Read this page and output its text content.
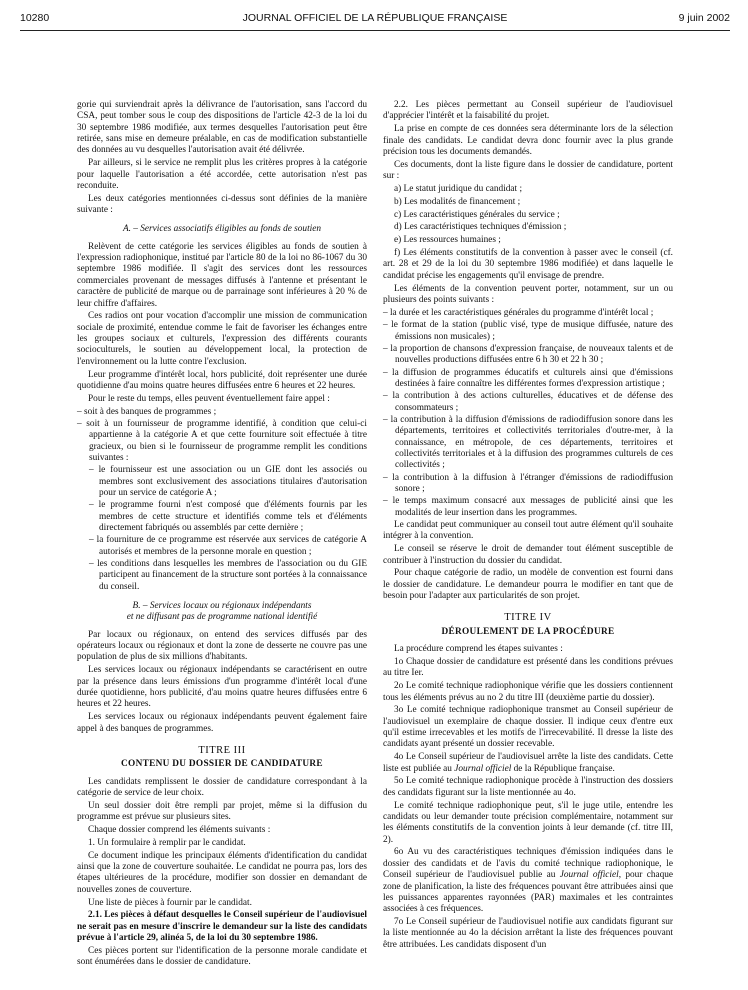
10280	JOURNAL OFFICIEL DE LA RÉPUBLIQUE FRANÇAISE	9 juin 2002

gorie qui surviendrait après la délivrance de l'autorisation, sans l'accord du CSA, peut tomber sous le coup des dispositions de l'article 42-3 de la loi du 30 septembre 1986 modifiée, aux termes desquelles l'autorisation peut être retirée, sans mise en demeure préalable, en cas de modification substantielle des données au vu desquelles l'autorisation avait été délivrée.

Par ailleurs, si le service ne remplit plus les critères propres à la catégorie pour laquelle l'autorisation a été accordée, cette autorisation n'est pas reconduite.

Les deux catégories mentionnées ci-dessus sont définies de la manière suivante :

A. – Services associatifs éligibles au fonds de soutien

Relèvent de cette catégorie les services éligibles au fonds de soutien à l'expression radiophonique, institué par l'article 80 de la loi no 86-1067 du 30 septembre 1986 modifiée. Il s'agit des services dont les ressources commerciales provenant de messages diffusés à l'antenne et présentant le caractère de publicité de marque ou de parrainage sont inférieures à 20 % de leur chiffre d'affaires.

Ces radios ont pour vocation d'accomplir une mission de communication sociale de proximité, entendue comme le fait de favoriser les échanges entre les groupes sociaux et culturels, l'expression des différents courants socioculturels, le soutien au développement local, la protection de l'environnement ou la lutte contre l'exclusion.

Leur programme d'intérêt local, hors publicité, doit représenter une durée quotidienne d'au moins quatre heures diffusées entre 6 heures et 22 heures.

Pour le reste du temps, elles peuvent éventuellement faire appel :

– soit à des banques de programmes ;

– soit à un fournisseur de programme identifié, à condition que celui-ci appartienne à la catégorie A et que cette fourniture soit effectuée à titre gracieux, ou bien si le fournisseur de programme remplit les conditions suivantes :

– le fournisseur est une association ou un GIE dont les associés ou membres sont exclusivement des associations titulaires d'autorisation pour un service de catégorie A ;

– le programme fourni n'est composé que d'éléments fournis par les membres de cette structure et identifiés comme tels et d'éléments directement fabriqués ou assemblés par cette dernière ;

– la fourniture de ce programme est réservée aux services de catégorie A autorisés et membres de la personne morale en question ;

– les conditions dans lesquelles les membres de l'association ou du GIE participent au financement de la structure sont portées à la connaissance du conseil.

B. – Services locaux ou régionaux indépendants
et ne diffusant pas de programme national identifié

Par locaux ou régionaux, on entend des services diffusés par des opérateurs locaux ou régionaux et dont la zone de desserte ne couvre pas une population de plus de six millions d'habitants.

Les services locaux ou régionaux indépendants se caractérisent en outre par la présence dans leurs émissions d'un programme d'intérêt local d'une durée quotidienne, hors publicité, d'au moins quatre heures diffusées entre 6 heures et 22 heures.

Les services locaux ou régionaux indépendants peuvent également faire appel à des banques de programmes.

TITRE III
CONTENU DU DOSSIER DE CANDIDATURE

Les candidats remplissent le dossier de candidature correspondant à la catégorie de service de leur choix.

Un seul dossier doit être rempli par projet, même si la diffusion du programme est prévue sur plusieurs sites.

Chaque dossier comprend les éléments suivants :

1. Un formulaire à remplir par le candidat.

Ce document indique les principaux éléments d'identification du candidat ainsi que la zone de couverture souhaitée. Le candidat ne pourra pas, lors des étapes ultérieures de la procédure, modifier son dossier en demandant de nouvelles zones de couverture.

Une liste de pièces à fournir par le candidat.

2.1. Les pièces à défaut desquelles le Conseil supérieur de l'audiovisuel ne serait pas en mesure d'inscrire le demandeur sur la liste des candidats prévue à l'article 29, alinéa 5, de la loi du 30 septembre 1986.

Ces pièces portent sur l'identification de la personne morale candidate et sont énumérées dans le dossier de candidature.

2.2. Les pièces permettant au Conseil supérieur de l'audiovisuel d'apprécier l'intérêt et la faisabilité du projet.

La prise en compte de ces données sera déterminante lors de la sélection finale des candidats. Le candidat devra donc fournir avec la plus grande précision tous les documents demandés.

Ces documents, dont la liste figure dans le dossier de candidature, portent sur :

a) Le statut juridique du candidat ;

b) Les modalités de financement ;

c) Les caractéristiques générales du service ;

d) Les caractéristiques techniques d'émission ;

e) Les ressources humaines ;

f) Les éléments constitutifs de la convention à passer avec le conseil (cf. art. 28 et 29 de la loi du 30 septembre 1986 modifiée) et dans laquelle le candidat précise les engagements qu'il envisage de prendre.

Les éléments de la convention peuvent porter, notamment, sur un ou plusieurs des points suivants :

– la durée et les caractéristiques générales du programme d'intérêt local ;

– le format de la station (public visé, type de musique diffusée, nature des émissions non musicales) ;

– la proportion de chansons d'expression française, de nouveaux talents et de nouvelles productions diffusées entre 6 h 30 et 22 h 30 ;

– la diffusion de programmes éducatifs et culturels ainsi que d'émissions destinées à faire connaître les différentes formes d'expression artistique ;

– la contribution à des actions culturelles, éducatives et de défense des consommateurs ;

– la contribution à la diffusion d'émissions de radiodiffusion sonore dans les départements, territoires et collectivités territoriales d'outre-mer, à la connaissance, en métropole, de ces départements, territoires et collectivités territoriales et à la diffusion des programmes culturels de ces collectivités ;

– la contribution à la diffusion à l'étranger d'émissions de radiodiffusion sonore ;

– le temps maximum consacré aux messages de publicité ainsi que les modalités de leur insertion dans les programmes.

Le candidat peut communiquer au conseil tout autre élément qu'il souhaite intégrer à la convention.

Le conseil se réserve le droit de demander tout élément susceptible de contribuer à l'instruction du dossier du candidat.

Pour chaque catégorie de radio, un modèle de convention est fourni dans le dossier de candidature. Le demandeur pourra le modifier en tant que de besoin pour l'adapter aux particularités de son projet.

TITRE IV
DÉROULEMENT DE LA PROCÉDURE

La procédure comprend les étapes suivantes :

1o Chaque dossier de candidature est présenté dans les conditions prévues au titre Ier.

2o Le comité technique radiophonique vérifie que les dossiers contiennent tous les éléments prévus au no 2 du titre III (deuxième partie du dossier).

3o Le comité technique radiophonique transmet au Conseil supérieur de l'audiovisuel un exemplaire de chaque dossier. Il indique ceux d'entre eux qu'il estime irrecevables et les motifs de l'irrecevabilité. Il dresse la liste des candidats ayant présenté un dossier recevable.

4o Le Conseil supérieur de l'audiovisuel arrête la liste des candidats. Cette liste est publiée au Journal officiel de la République française.

5o Le comité technique radiophonique procède à l'instruction des dossiers des candidats figurant sur la liste mentionnée au 4o.

Le comité technique radiophonique peut, s'il le juge utile, entendre les candidats ou leur demander toute précision complémentaire, notamment sur les éléments constitutifs de la convention joints à leur demande (cf. titre III, 2).

6o Au vu des caractéristiques techniques d'émission indiquées dans le dossier des candidats et de l'avis du comité technique radiophonique, le Conseil supérieur de l'audiovisuel publie au Journal officiel, pour chaque zone de planification, la liste des fréquences pouvant être attribuées ainsi que les puissances apparentes rayonnées (PAR) maximales et les contraintes associées à ces fréquences.

7o Le Conseil supérieur de l'audiovisuel notifie aux candidats figurant sur la liste mentionnée au 4o la décision arrêtant la liste des fréquences pouvant être attribuées. Les candidats disposent d'un
